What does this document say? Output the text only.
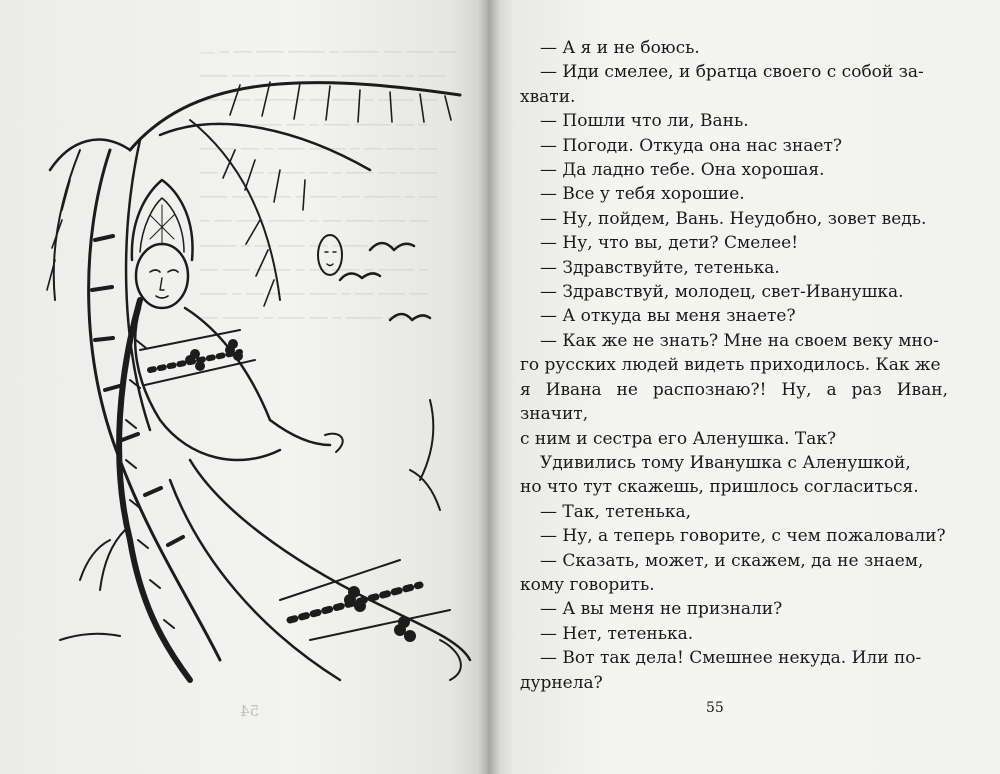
— ─ ── ─── ──── ─ ──── ── ─── ──
─── ── ──── ─ ─── ──── ── ─ ───
── ─── ─ ──── ── ─── ─ ──── ──
─ ──── ─── ── ─ ─── ──── ── ─
──── ── ─ ─── ──── ─ ── ─── ──
── ─ ─── ──── ── ─ ─── ── ────
─── ──── ── ─ ─── ── ──── ─ ──
─ ── ─── ──── ─ ── ─── ─── ──
──── ─ ── ─── ── ──── ─ ───
── ─── ──── ─ ── ─── ─ ──── ─
─── ─ ── ──── ─── ─ ── ─── ──
── ──── ─ ─── ── ─ ──── ── ──
54

— А я и не боюсь.

— Иди смелее, и братца своего с собой за-

хвати.

— Пошли что ли, Вань.

— Погоди. Откуда она нас знает?

— Да ладно тебе. Она хорошая.

— Все у тебя хорошие.

— Ну, пойдем, Вань. Неудобно, зовет ведь.

— Ну, что вы, дети? Смелее!

— Здравствуйте, тетенька.

— Здравствуй, молодец, свет-Иванушка.

— А откуда вы меня знаете?

— Как же не знать? Мне на своем веку мно-

го русских людей видеть приходилось. Как же

я Ивана не распознаю?! Ну, а раз Иван, значит,

с ним и сестра его Аленушка. Так?

Удивились тому Иванушка с Аленушкой,

но что тут скажешь, пришлось согласиться.

— Так, тетенька,

— Ну, а теперь говорите, с чем пожаловали?

— Сказать, может, и скажем, да не знаем,

кому говорить.

— А вы меня не признали?

— Нет, тетенька.

— Вот так дела! Смешнее некуда. Или по-

дурнела?

55
